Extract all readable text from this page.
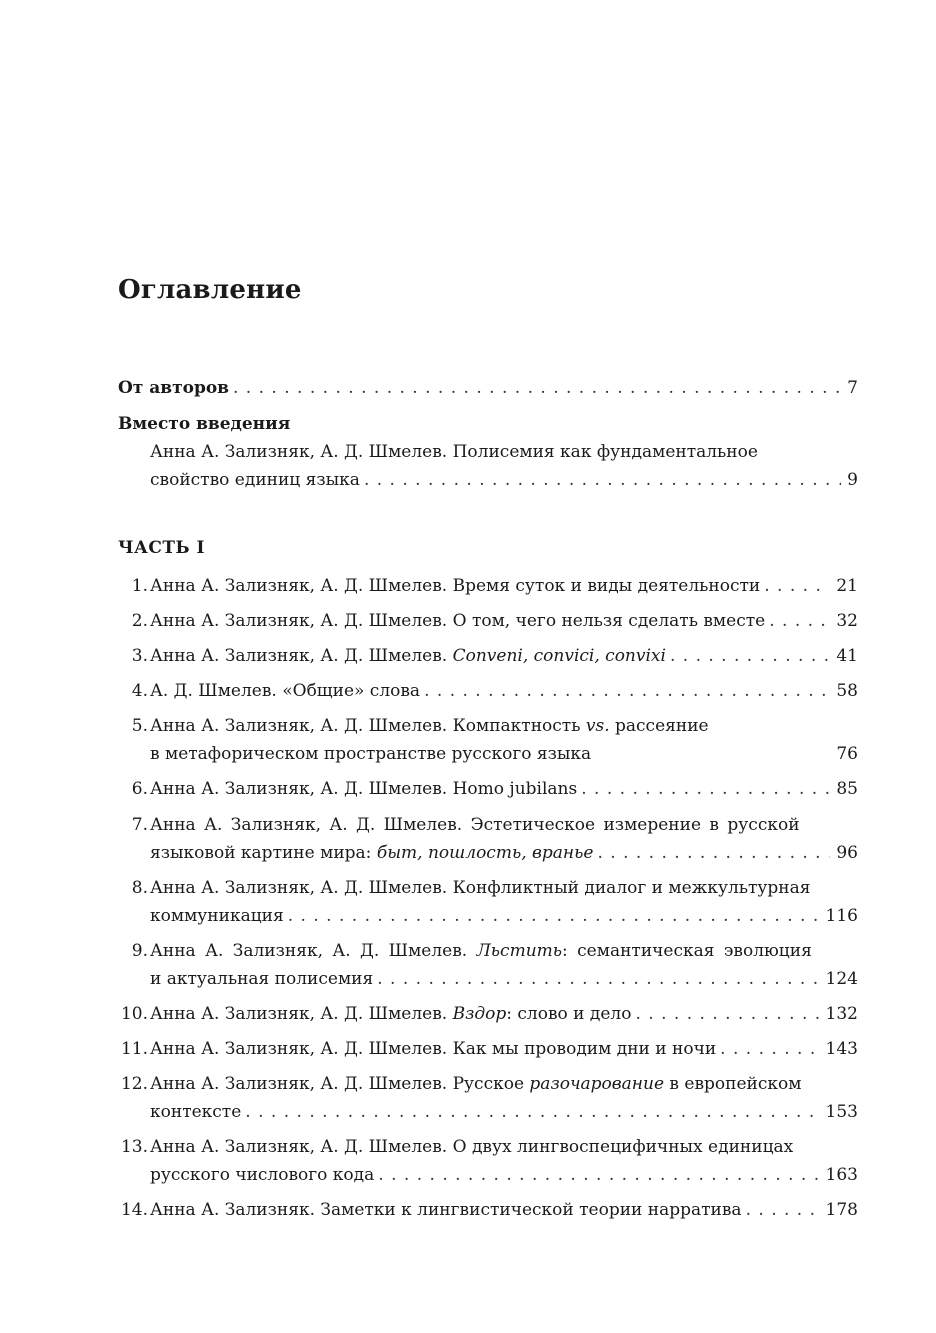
Оглавление
От авторов . . .	7
Вместо введения
Анна А. Зализняк, А. Д. Шмелев. Полисемия как фундаментальное
свойство единиц языка . . .	9
ЧАСТЬ I
1. Анна А. Зализняк, А. Д. Шмелев. Время суток и виды деятельности . . .	21
2. Анна А. Зализняк, А. Д. Шмелев. О том, чего нельзя сделать вместе . . .	32
3. Анна А. Зализняк, А. Д. Шмелев. Conveni, convici, convixi . . .	41
4. А. Д. Шмелев. «Общие» слова . . .	58
5. Анна А. Зализняк, А. Д. Шмелев. Компактность vs. рассеяние
в метафорическом пространстве русского языка	76
6. Анна А. Зализняк, А. Д. Шмелев. Homo jubilans . . .	85
7. Анна А. Зализняк, А. Д. Шмелев. Эстетическое измерение в русской
языковой картине мира: быт, пошлость, вранье . . .	96
8. Анна А. Зализняк, А. Д. Шмелев. Конфликтный диалог и межкультурная
коммуникация . . .	116
9. Анна А. Зализняк, А. Д. Шмелев. Льстить: семантическая эволюция
и актуальная полисемия . . .	124
10. Анна А. Зализняк, А. Д. Шмелев. Вздор: слово и дело . . .	132
11. Анна А. Зализняк, А. Д. Шмелев. Как мы проводим дни и ночи . . .	143
12. Анна А. Зализняк, А. Д. Шмелев. Русское разочарование в европейском
контексте . . .	153
13. Анна А. Зализняк, А. Д. Шмелев. О двух лингвоспецифичных единицах
русского числового кода . . .	163
14. Анна А. Зализняк. Заметки к лингвистической теории нарратива . . .	178
